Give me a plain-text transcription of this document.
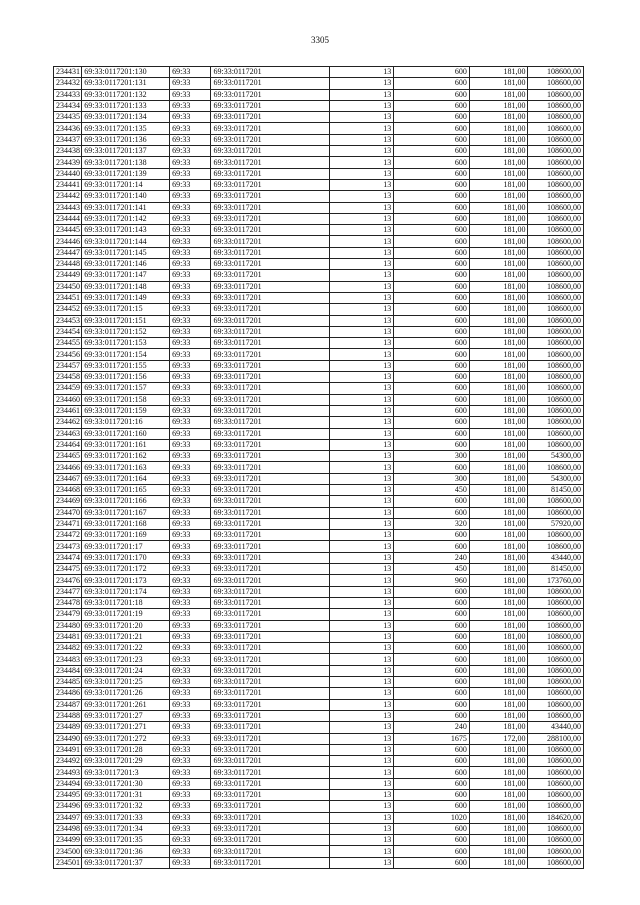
3305
234431	69:33:0117201:130	69:33	69:33:0117201	13	600	181,00	108600,00
234432	69:33:0117201:131	69:33	69:33:0117201	13	600	181,00	108600,00
234433	69:33:0117201:132	69:33	69:33:0117201	13	600	181,00	108600,00
234434	69:33:0117201:133	69:33	69:33:0117201	13	600	181,00	108600,00
234435	69:33:0117201:134	69:33	69:33:0117201	13	600	181,00	108600,00
234436	69:33:0117201:135	69:33	69:33:0117201	13	600	181,00	108600,00
234437	69:33:0117201:136	69:33	69:33:0117201	13	600	181,00	108600,00
234438	69:33:0117201:137	69:33	69:33:0117201	13	600	181,00	108600,00
234439	69:33:0117201:138	69:33	69:33:0117201	13	600	181,00	108600,00
234440	69:33:0117201:139	69:33	69:33:0117201	13	600	181,00	108600,00
234441	69:33:0117201:14	69:33	69:33:0117201	13	600	181,00	108600,00
234442	69:33:0117201:140	69:33	69:33:0117201	13	600	181,00	108600,00
234443	69:33:0117201:141	69:33	69:33:0117201	13	600	181,00	108600,00
234444	69:33:0117201:142	69:33	69:33:0117201	13	600	181,00	108600,00
234445	69:33:0117201:143	69:33	69:33:0117201	13	600	181,00	108600,00
234446	69:33:0117201:144	69:33	69:33:0117201	13	600	181,00	108600,00
234447	69:33:0117201:145	69:33	69:33:0117201	13	600	181,00	108600,00
234448	69:33:0117201:146	69:33	69:33:0117201	13	600	181,00	108600,00
234449	69:33:0117201:147	69:33	69:33:0117201	13	600	181,00	108600,00
234450	69:33:0117201:148	69:33	69:33:0117201	13	600	181,00	108600,00
234451	69:33:0117201:149	69:33	69:33:0117201	13	600	181,00	108600,00
234452	69:33:0117201:15	69:33	69:33:0117201	13	600	181,00	108600,00
234453	69:33:0117201:151	69:33	69:33:0117201	13	600	181,00	108600,00
234454	69:33:0117201:152	69:33	69:33:0117201	13	600	181,00	108600,00
234455	69:33:0117201:153	69:33	69:33:0117201	13	600	181,00	108600,00
234456	69:33:0117201:154	69:33	69:33:0117201	13	600	181,00	108600,00
234457	69:33:0117201:155	69:33	69:33:0117201	13	600	181,00	108600,00
234458	69:33:0117201:156	69:33	69:33:0117201	13	600	181,00	108600,00
234459	69:33:0117201:157	69:33	69:33:0117201	13	600	181,00	108600,00
234460	69:33:0117201:158	69:33	69:33:0117201	13	600	181,00	108600,00
234461	69:33:0117201:159	69:33	69:33:0117201	13	600	181,00	108600,00
234462	69:33:0117201:16	69:33	69:33:0117201	13	600	181,00	108600,00
234463	69:33:0117201:160	69:33	69:33:0117201	13	600	181,00	108600,00
234464	69:33:0117201:161	69:33	69:33:0117201	13	600	181,00	108600,00
234465	69:33:0117201:162	69:33	69:33:0117201	13	300	181,00	54300,00
234466	69:33:0117201:163	69:33	69:33:0117201	13	600	181,00	108600,00
234467	69:33:0117201:164	69:33	69:33:0117201	13	300	181,00	54300,00
234468	69:33:0117201:165	69:33	69:33:0117201	13	450	181,00	81450,00
234469	69:33:0117201:166	69:33	69:33:0117201	13	600	181,00	108600,00
234470	69:33:0117201:167	69:33	69:33:0117201	13	600	181,00	108600,00
234471	69:33:0117201:168	69:33	69:33:0117201	13	320	181,00	57920,00
234472	69:33:0117201:169	69:33	69:33:0117201	13	600	181,00	108600,00
234473	69:33:0117201:17	69:33	69:33:0117201	13	600	181,00	108600,00
234474	69:33:0117201:170	69:33	69:33:0117201	13	240	181,00	43440,00
234475	69:33:0117201:172	69:33	69:33:0117201	13	450	181,00	81450,00
234476	69:33:0117201:173	69:33	69:33:0117201	13	960	181,00	173760,00
234477	69:33:0117201:174	69:33	69:33:0117201	13	600	181,00	108600,00
234478	69:33:0117201:18	69:33	69:33:0117201	13	600	181,00	108600,00
234479	69:33:0117201:19	69:33	69:33:0117201	13	600	181,00	108600,00
234480	69:33:0117201:20	69:33	69:33:0117201	13	600	181,00	108600,00
234481	69:33:0117201:21	69:33	69:33:0117201	13	600	181,00	108600,00
234482	69:33:0117201:22	69:33	69:33:0117201	13	600	181,00	108600,00
234483	69:33:0117201:23	69:33	69:33:0117201	13	600	181,00	108600,00
234484	69:33:0117201:24	69:33	69:33:0117201	13	600	181,00	108600,00
234485	69:33:0117201:25	69:33	69:33:0117201	13	600	181,00	108600,00
234486	69:33:0117201:26	69:33	69:33:0117201	13	600	181,00	108600,00
234487	69:33:0117201:261	69:33	69:33:0117201	13	600	181,00	108600,00
234488	69:33:0117201:27	69:33	69:33:0117201	13	600	181,00	108600,00
234489	69:33:0117201:271	69:33	69:33:0117201	13	240	181,00	43440,00
234490	69:33:0117201:272	69:33	69:33:0117201	13	1675	172,00	288100,00
234491	69:33:0117201:28	69:33	69:33:0117201	13	600	181,00	108600,00
234492	69:33:0117201:29	69:33	69:33:0117201	13	600	181,00	108600,00
234493	69:33:0117201:3	69:33	69:33:0117201	13	600	181,00	108600,00
234494	69:33:0117201:30	69:33	69:33:0117201	13	600	181,00	108600,00
234495	69:33:0117201:31	69:33	69:33:0117201	13	600	181,00	108600,00
234496	69:33:0117201:32	69:33	69:33:0117201	13	600	181,00	108600,00
234497	69:33:0117201:33	69:33	69:33:0117201	13	1020	181,00	184620,00
234498	69:33:0117201:34	69:33	69:33:0117201	13	600	181,00	108600,00
234499	69:33:0117201:35	69:33	69:33:0117201	13	600	181,00	108600,00
234500	69:33:0117201:36	69:33	69:33:0117201	13	600	181,00	108600,00
234501	69:33:0117201:37	69:33	69:33:0117201	13	600	181,00	108600,00
